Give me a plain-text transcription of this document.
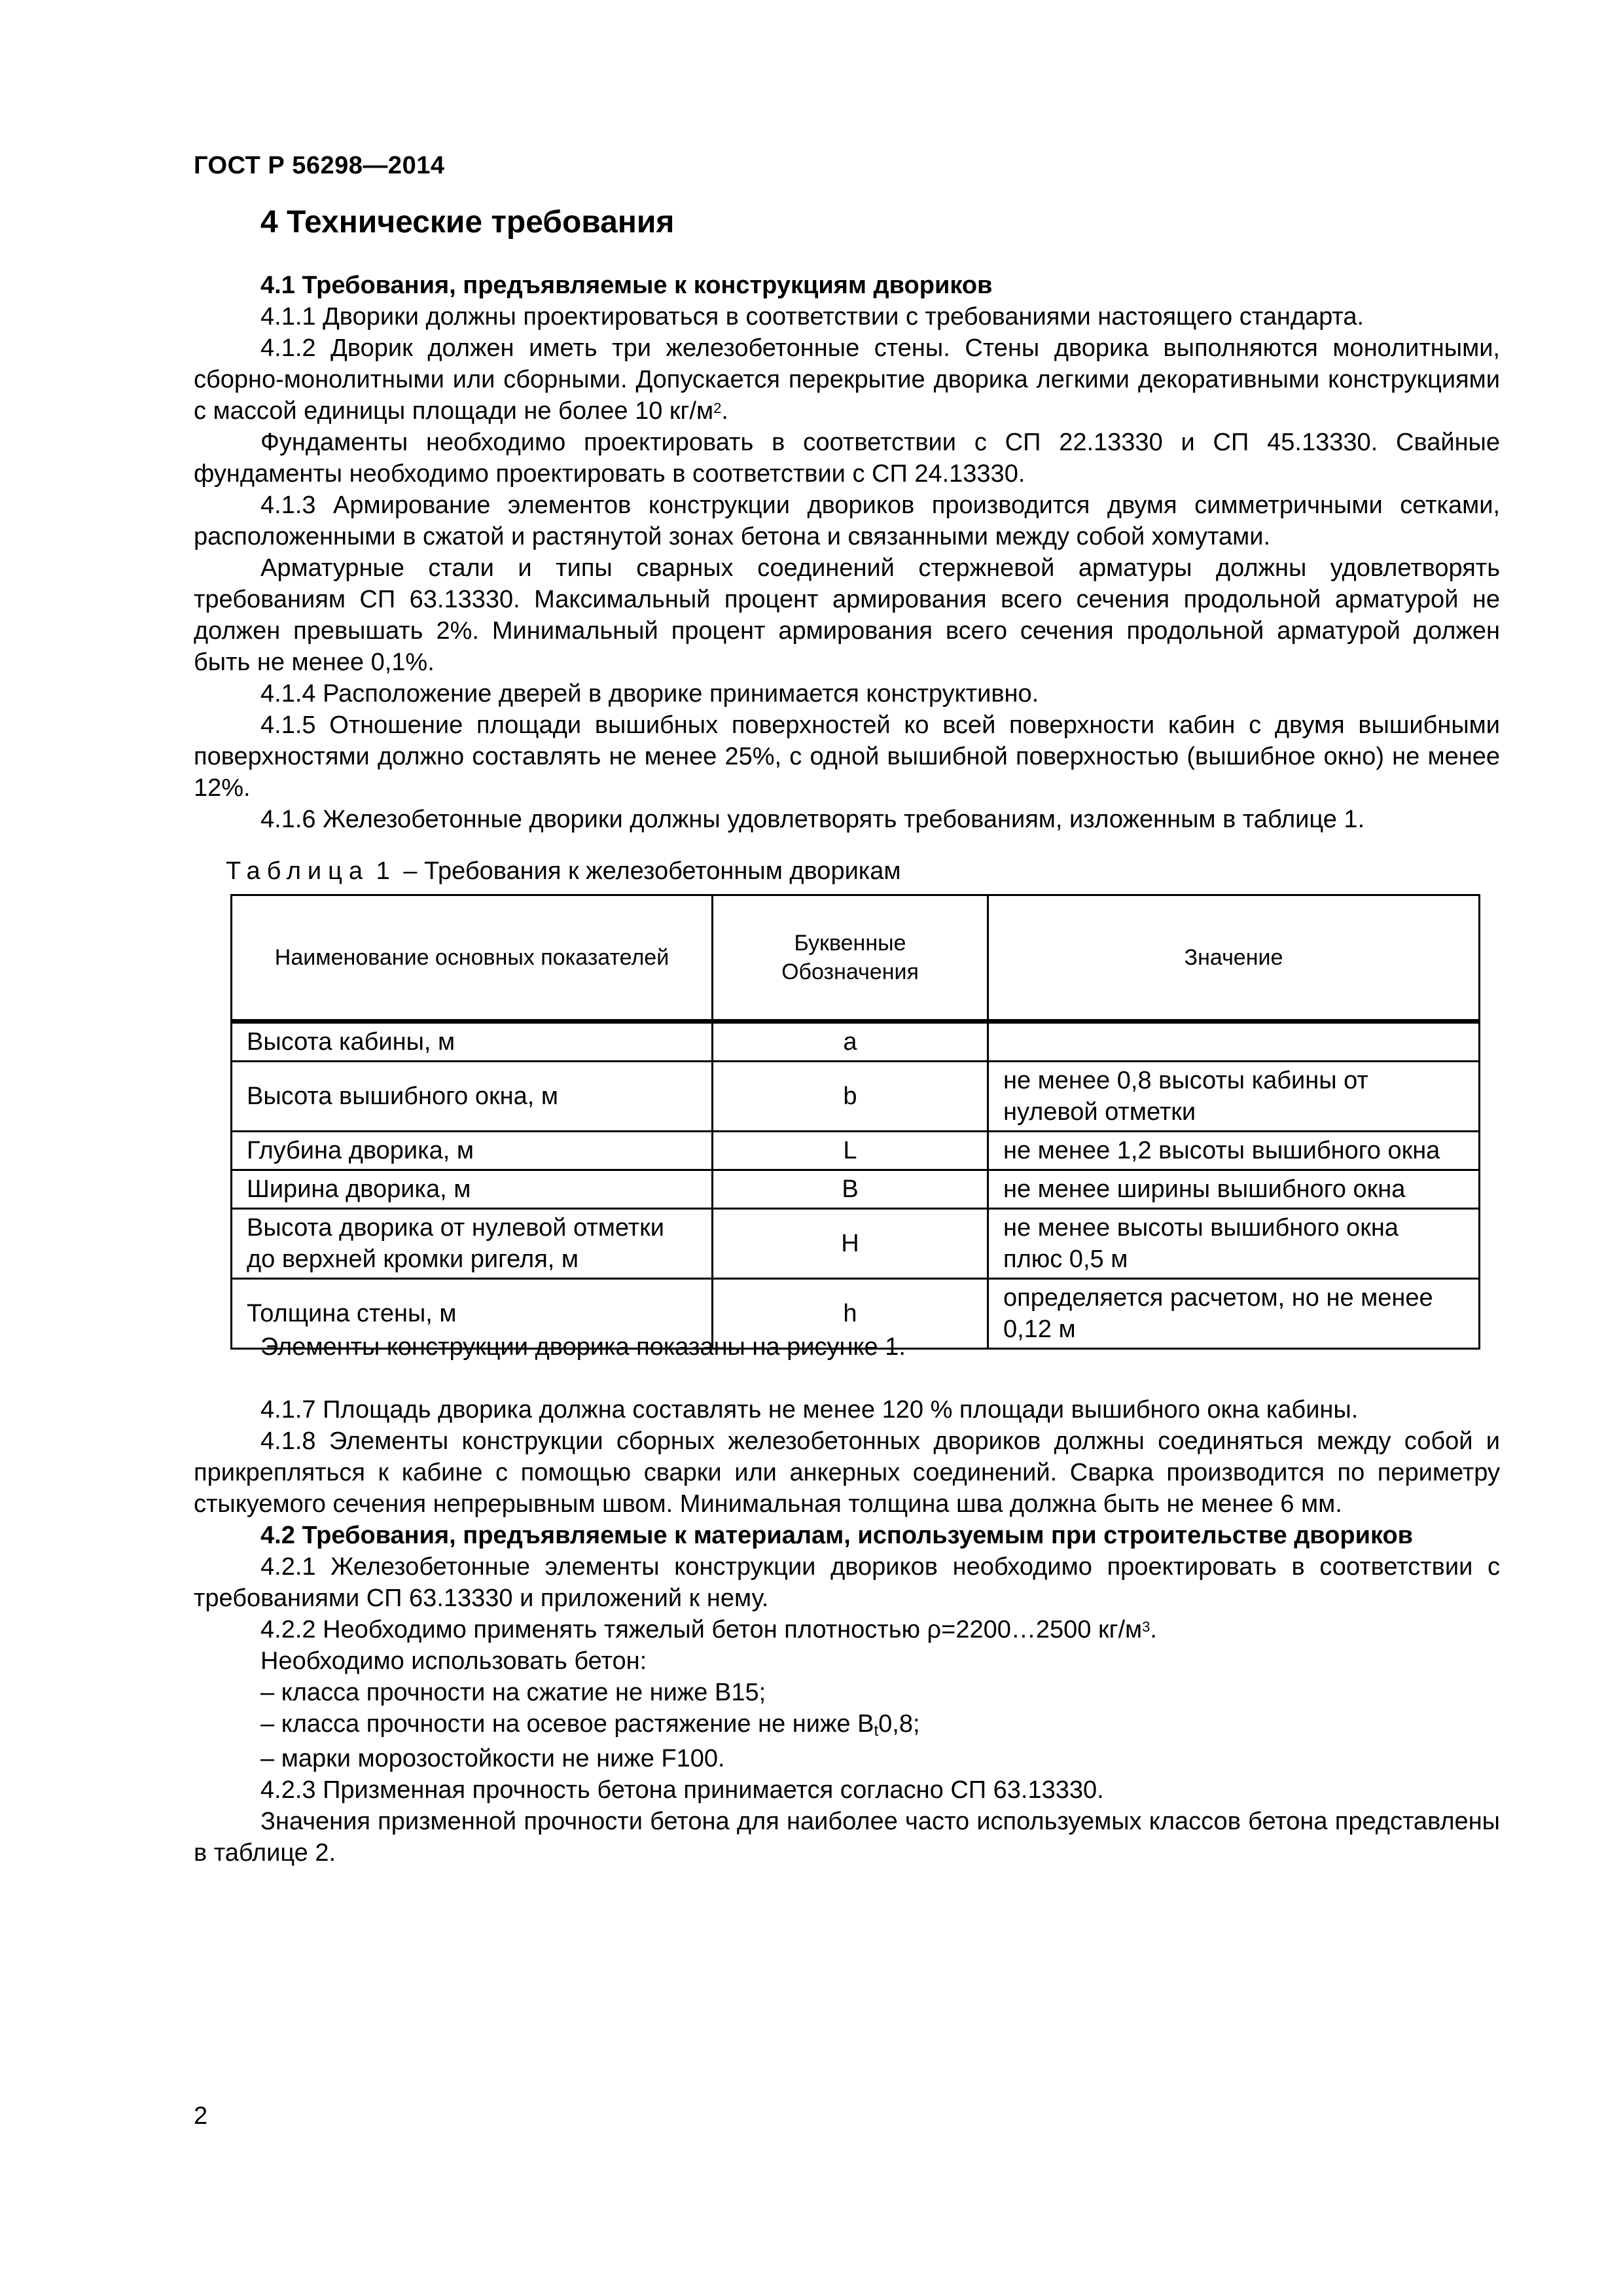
ГОСТ Р 56298—2014
4 Технические требования

4.1 Требования, предъявляемые к конструкциям двориков

4.1.1 Дворики должны проектироваться в соответствии с требованиями настоящего стандарта.

4.1.2 Дворик должен иметь три железобетонные стены. Стены дворика выполняются монолитными, сборно-монолитными или сборными. Допускается перекрытие дворика легкими декоративными конструкциями с массой единицы площади не более 10 $кг/м^2$.

Фундаменты необходимо проектировать в соответствии с СП 22.13330 и СП 45.13330. Свайные фундаменты необходимо проектировать в соответствии с СП 24.13330.

4.1.3 Армирование элементов конструкции двориков производится двумя симметричными сетками, расположенными в сжатой и растянутой зонах бетона и связанными между собой хомутами.

Арматурные стали и типы сварных соединений стержневой арматуры должны удовлетворять требованиям СП 63.13330. Максимальный процент армирования всего сечения продольной арматурой не должен превышать 2%. Минимальный процент армирования всего сечения продольной арматурой должен быть не менее 0,1%.

4.1.4 Расположение дверей в дворике принимается конструктивно.

4.1.5 Отношение площади вышибных поверхностей ко всей поверхности кабин с двумя вышибными поверхностями должно составлять не менее 25%, с одной вышибной поверхностью (вышибное окно) не менее 12%.

4.1.6 Железобетонные дворики должны удовлетворять требованиям, изложенным в таблице 1.

Таблица 1 – Требования к железобетонным дворикам
Наименование основных показателей	Буквенные Обозначения	Значение
Высота кабины, м	a	
Высота вышибного окна, м	b	не менее 0,8 высоты кабины от нулевой отметки
Глубина дворика, м	L	не менее 1,2 высоты вышибного окна
Ширина дворика, м	B	не менее ширины вышибного окна
Высота дворика от нулевой отметки до верхней кромки ригеля, м	H	не менее высоты вышибного окна плюс 0,5 м
Толщина стены, м	h	определяется расчетом, но не менее 0,12 м

Элементы конструкции дворика показаны на рисунке 1.

4.1.7 Площадь дворика должна составлять не менее 120 % площади вышибного окна кабины.

4.1.8 Элементы конструкции сборных железобетонных двориков должны соединяться между собой и прикрепляться к кабине с помощью сварки или анкерных соединений. Сварка производится по периметру стыкуемого сечения непрерывным швом. Минимальная толщина шва должна быть не менее 6 мм.

4.2 Требования, предъявляемые к материалам, используемым при строительстве двориков

4.2.1 Железобетонные элементы конструкции двориков необходимо проектировать в соответствии с требованиями СП 63.13330 и приложений к нему.

4.2.2 Необходимо применять тяжелый бетон плотностью ρ=2200…2500 $кг/м^3$.

Необходимо использовать бетон:

– класса прочности на сжатие не ниже В15;

– класса прочности на осевое растяжение не ниже $В_t0,8$;

– марки морозостойкости не ниже F100.

4.2.3 Призменная прочность бетона принимается согласно СП 63.13330.

Значения призменной прочности бетона для наиболее часто используемых классов бетона представлены в таблице 2.

2
